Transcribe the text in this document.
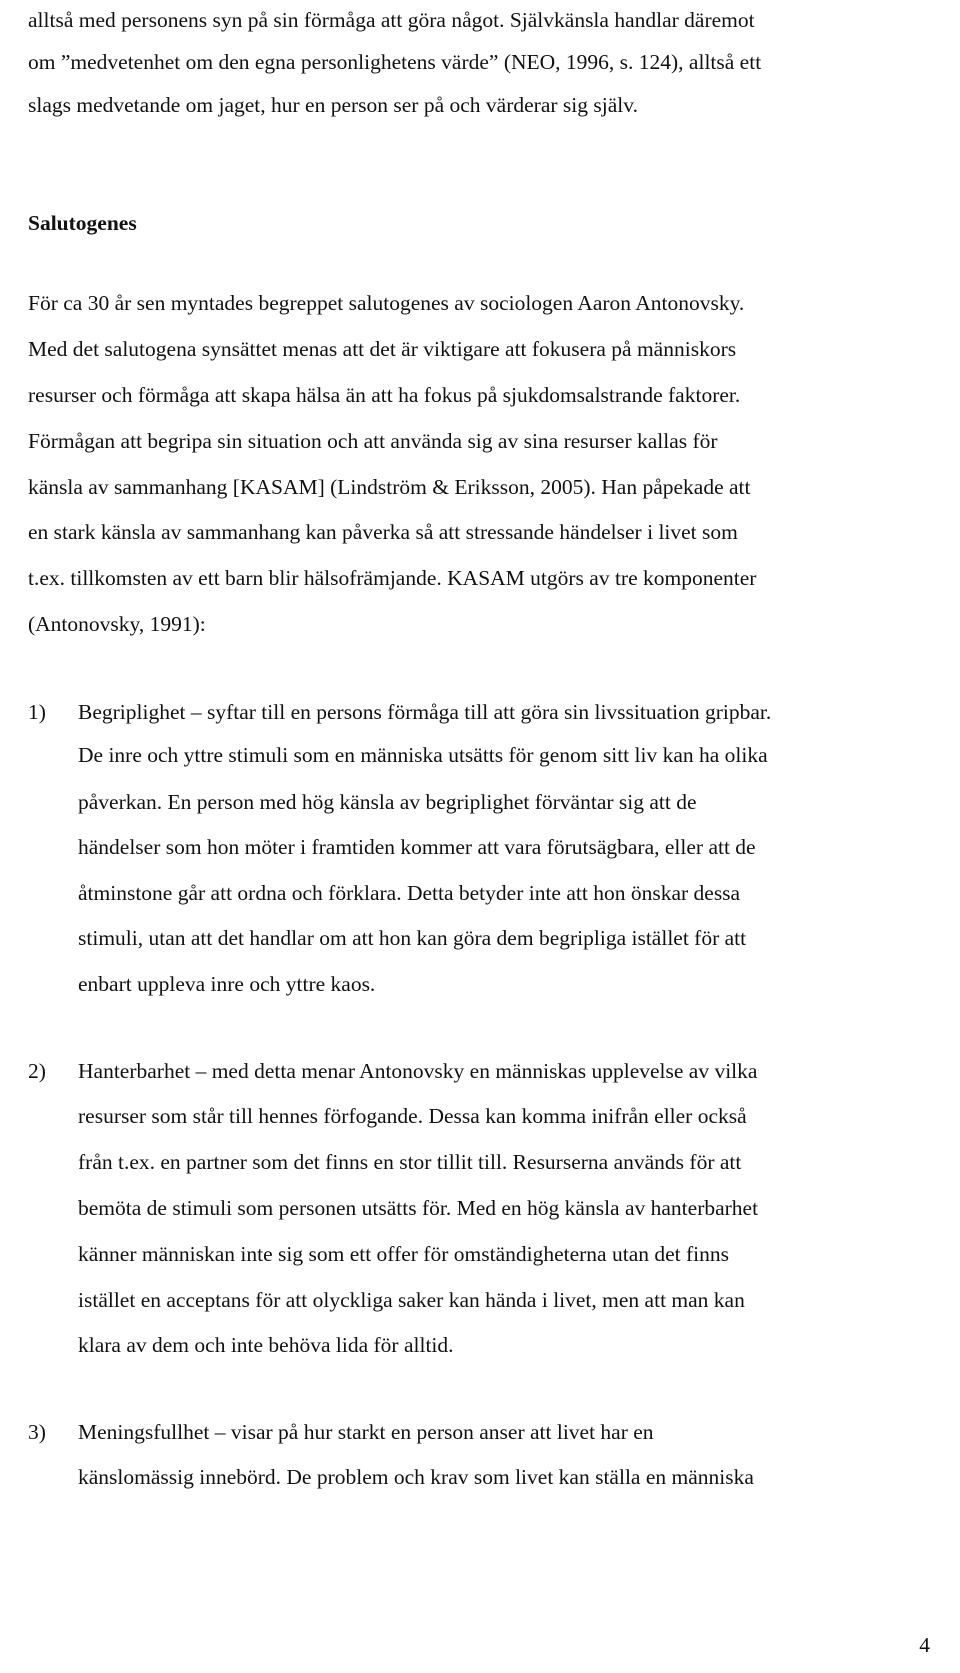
alltså med personens syn på sin förmåga att göra något. Självkänsla handlar däremot
om ”medvetenhet om den egna personlighetens värde” (NEO, 1996, s. 124), alltså ett
slags medvetande om jaget, hur en person ser på och värderar sig själv.
Salutogenes
För ca 30 år sen myntades begreppet salutogenes av sociologen Aaron Antonovsky.
Med det salutogena synsättet menas att det är viktigare att fokusera på människors
resurser och förmåga att skapa hälsa än att ha fokus på sjukdomsalstrande faktorer.
Förmågan att begripa sin situation och att använda sig av sina resurser kallas för
känsla av sammanhang [KASAM] (Lindström & Eriksson, 2005). Han påpekade att
en stark känsla av sammanhang kan påverka så att stressande händelser i livet som
t.ex. tillkomsten av ett barn blir hälsofrämjande. KASAM utgörs av tre komponenter
(Antonovsky, 1991):
1) Begriplighet – syftar till en persons förmåga till att göra sin livssituation gripbar.
De inre och yttre stimuli som en människa utsätts för genom sitt liv kan ha olika
påverkan. En person med hög känsla av begriplighet förväntar sig att de
händelser som hon möter i framtiden kommer att vara förutsägbara, eller att de
åtminstone går att ordna och förklara. Detta betyder inte att hon önskar dessa
stimuli, utan att det handlar om att hon kan göra dem begripliga istället för att
enbart uppleva inre och yttre kaos.
2) Hanterbarhet – med detta menar Antonovsky en människas upplevelse av vilka
resurser som står till hennes förfogande. Dessa kan komma inifrån eller också
från t.ex. en partner som det finns en stor tillit till. Resurserna används för att
bemöta de stimuli som personen utsätts för. Med en hög känsla av hanterbarhet
känner människan inte sig som ett offer för omständigheterna utan det finns
istället en acceptans för att olyckliga saker kan hända i livet, men att man kan
klara av dem och inte behöva lida för alltid.
3) Meningsfullhet – visar på hur starkt en person anser att livet har en
känslomässig innebörd. De problem och krav som livet kan ställa en människa
4
